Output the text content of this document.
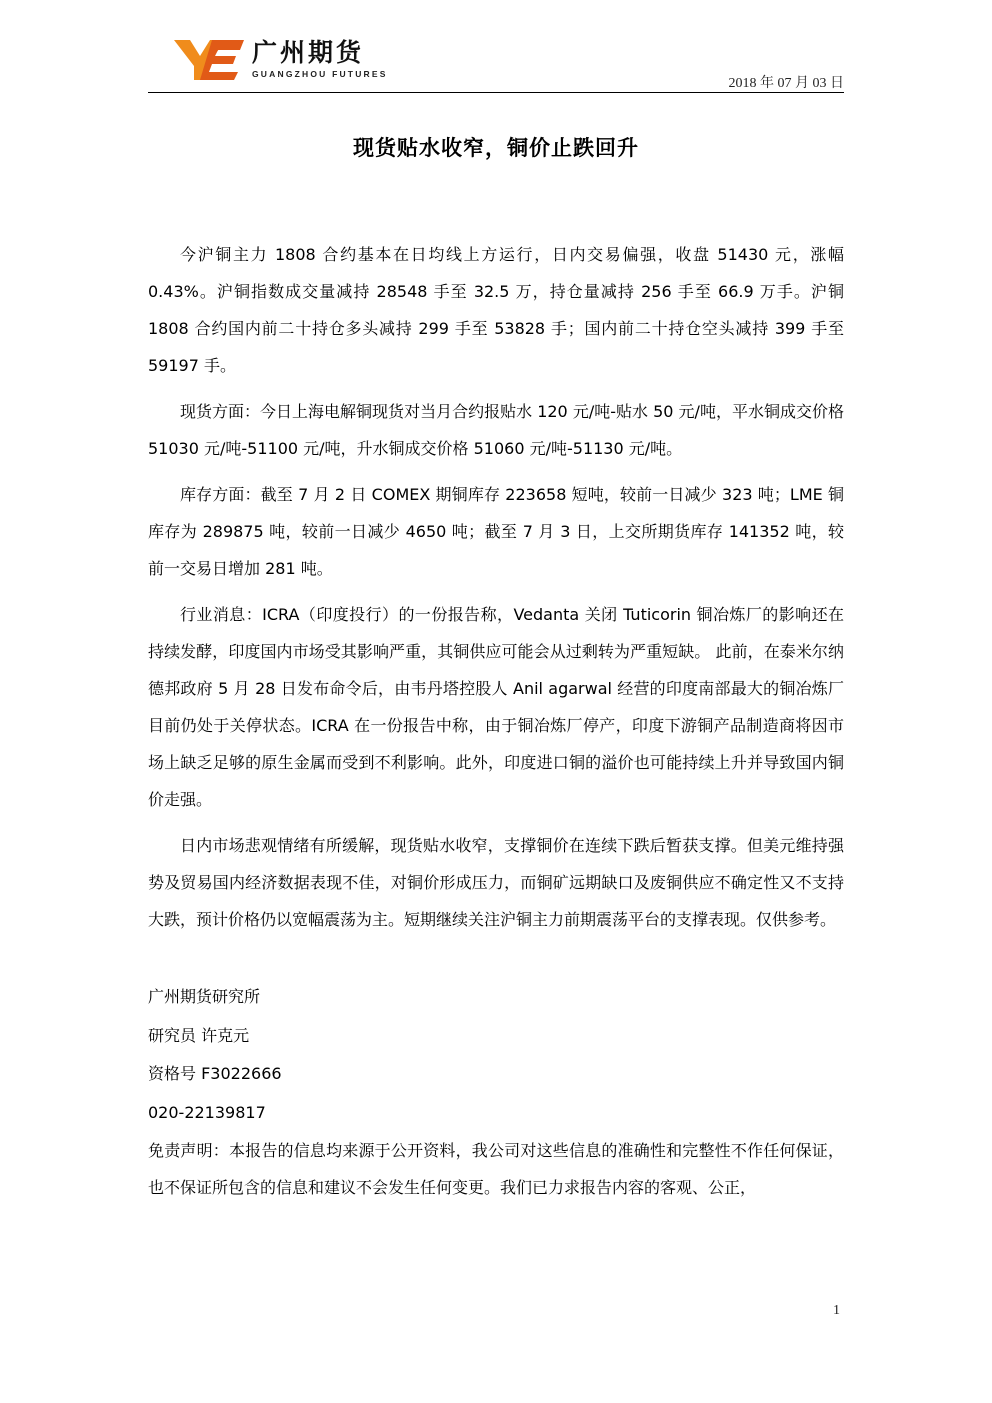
广州期货
GUANGZHOU FUTURES
2018 年 07 月 03 日
现货贴水收窄，铜价止跌回升

今沪铜主力 1808 合约基本在日均线上方运行，日内交易偏强，收盘 51430 元，涨幅 0.43%。沪铜指数成交量减持 28548 手至 32.5 万，持仓量减持 256 手至 66.9 万手。沪铜 1808 合约国内前二十持仓多头减持 299 手至 53828 手；国内前二十持仓空头减持 399 手至 59197 手。

现货方面：今日上海电解铜现货对当月合约报贴水 120 元/吨-贴水 50 元/吨，平水铜成交价格 51030 元/吨-51100 元/吨，升水铜成交价格 51060 元/吨-51130 元/吨。

库存方面：截至 7 月 2 日 COMEX 期铜库存 223658 短吨，较前一日减少 323 吨；LME 铜库存为 289875 吨，较前一日减少 4650 吨；截至 7 月 3 日，上交所期货库存 141352 吨，较前一交易日增加 281 吨。

行业消息：ICRA（印度投行）的一份报告称，Vedanta 关闭 Tuticorin 铜冶炼厂的影响还在持续发酵，印度国内市场受其影响严重，其铜供应可能会从过剩转为严重短缺。 此前，在泰米尔纳德邦政府 5 月 28 日发布命令后，由韦丹塔控股人 Anil agarwal 经营的印度南部最大的铜冶炼厂目前仍处于关停状态。ICRA 在一份报告中称，由于铜冶炼厂停产，印度下游铜产品制造商将因市场上缺乏足够的原生金属而受到不利影响。此外，印度进口铜的溢价也可能持续上升并导致国内铜价走强。

日内市场悲观情绪有所缓解，现货贴水收窄，支撑铜价在连续下跌后暂获支撑。但美元维持强势及贸易国内经济数据表现不佳，对铜价形成压力，而铜矿远期缺口及废铜供应不确定性又不支持大跌，预计价格仍以宽幅震荡为主。短期继续关注沪铜主力前期震荡平台的支撑表现。仅供参考。

广州期货研究所

研究员 许克元

资格号 F3022666

020-22139817

免责声明：本报告的信息均来源于公开资料，我公司对这些信息的准确性和完整性不作任何保证，也不保证所包含的信息和建议不会发生任何变更。我们已力求报告内容的客观、公正，

1
